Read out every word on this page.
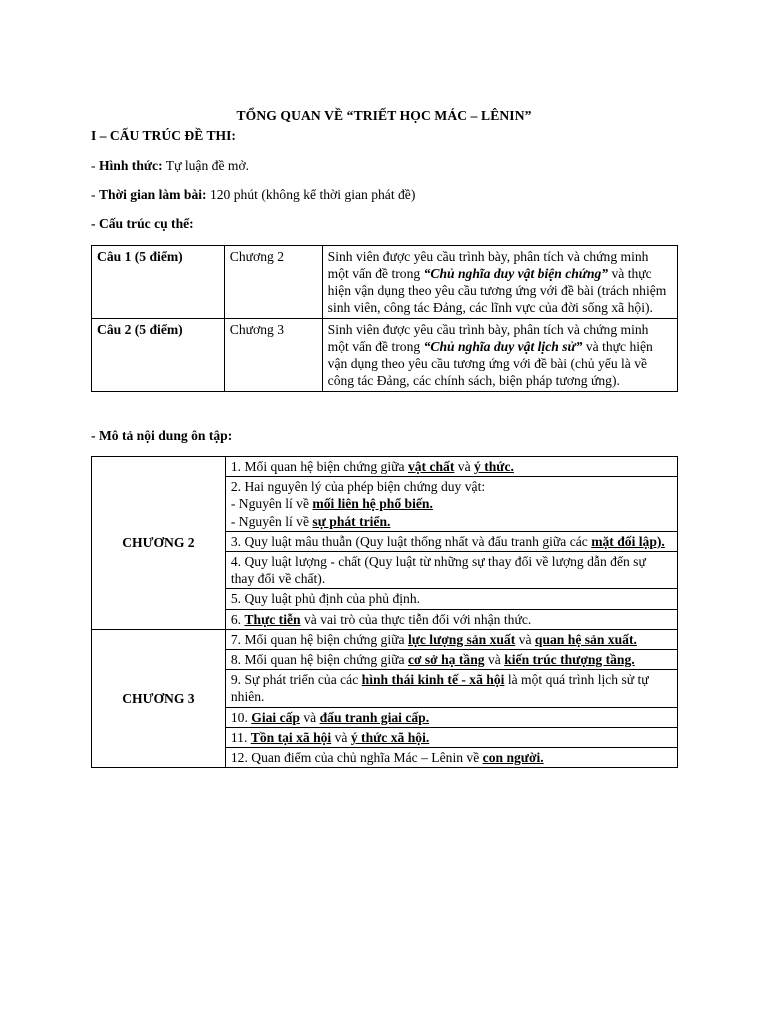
TỔNG QUAN VỀ “TRIẾT HỌC MÁC – LÊNIN”
I – CẤU TRÚC ĐỀ THI:
- Hình thức: Tự luận đề mở.
- Thời gian làm bài: 120 phút (không kể thời gian phát đề)
- Cấu trúc cụ thể:
Câu 1 (5 điểm)	Chương 2	Sinh viên được yêu cầu trình bày, phân tích và chứng minh một vấn đề trong “Chủ nghĩa duy vật biện chứng” và thực hiện vận dụng theo yêu cầu tương ứng với đề bài (trách nhiệm sinh viên, công tác Đảng, các lĩnh vực của đời sống xã hội).
Câu 2 (5 điểm)	Chương 3	Sinh viên được yêu cầu trình bày, phân tích và chứng minh một vấn đề trong “Chủ nghĩa duy vật lịch sử” và thực hiện vận dụng theo yêu cầu tương ứng với đề bài (chủ yếu là về công tác Đảng, các chính sách, biện pháp tương ứng).
- Mô tả nội dung ôn tập:
CHƯƠNG 2	1. Mối quan hệ biện chứng giữa vật chất và ý thức.
	2. Hai nguyên lý của phép biện chứng duy vật:
- Nguyên lí về mối liên hệ phổ biến.
- Nguyên lí về sự phát triển.
	3. Quy luật mâu thuẫn (Quy luật thống nhất và đấu tranh giữa các mặt đối lập).
	4. Quy luật lượng - chất (Quy luật từ những sự thay đổi về lượng dẫn đến sự thay đổi về chất).
	5. Quy luật phủ định của phủ định.
	6. Thực tiễn và vai trò của thực tiễn đối với nhận thức.
CHƯƠNG 3	7. Mối quan hệ biện chứng giữa lực lượng sản xuất và quan hệ sản xuất.
	8. Mối quan hệ biện chứng giữa cơ sở hạ tầng và kiến trúc thượng tầng.
	9. Sự phát triển của các hình thái kinh tế - xã hội là một quá trình lịch sử tự nhiên.
	10. Giai cấp và đấu tranh giai cấp.
	11. Tồn tại xã hội và ý thức xã hội.
	12. Quan điểm của chủ nghĩa Mác – Lênin về con người.
